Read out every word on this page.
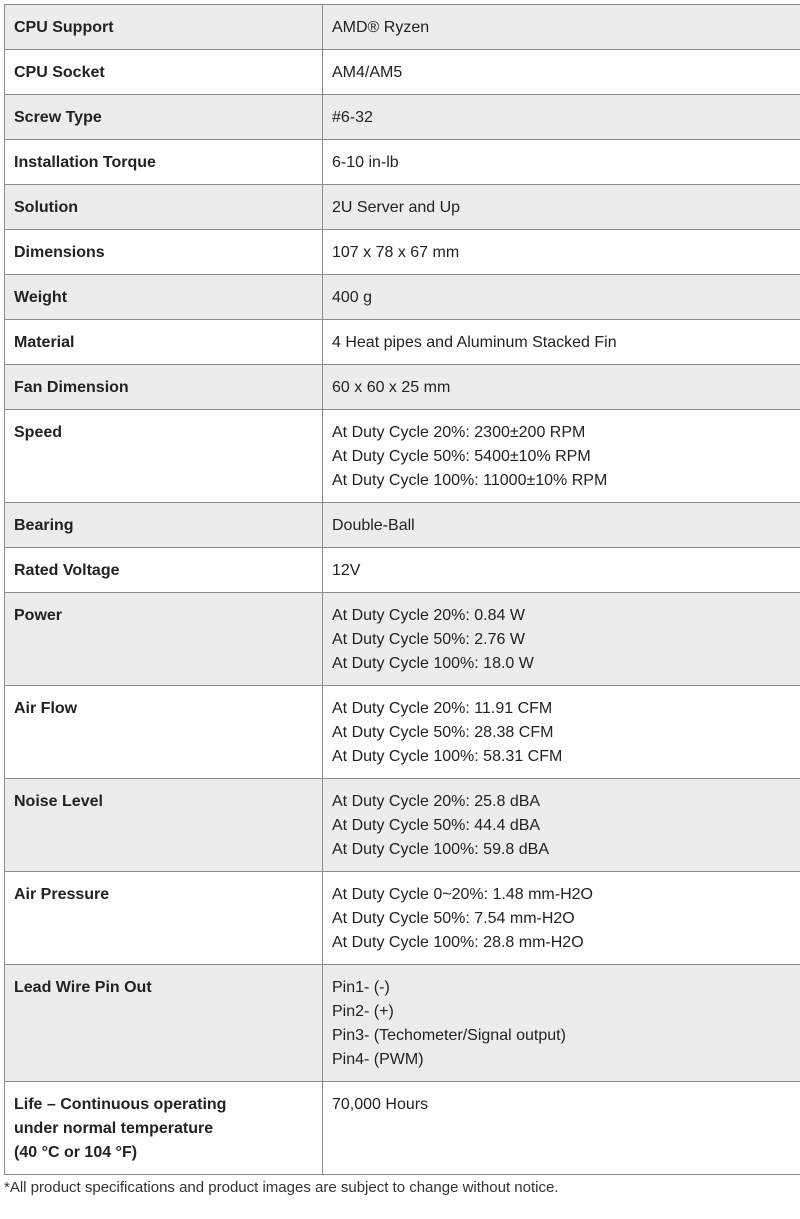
CPU Support	AMD® Ryzen

CPU Socket	AM4/AM5

Screw Type	#6-32

Installation Torque	6-10 in-lb

Solution	2U Server and Up

Dimensions	107 x 78 x 67 mm

Weight	400 g

Material	4 Heat pipes and Aluminum Stacked Fin

Fan Dimension	60 x 60 x 25 mm

Speed	At Duty Cycle 20%: 2300±200 RPM
At Duty Cycle 50%: 5400±10% RPM
At Duty Cycle 100%: 11000±10% RPM

Bearing	Double-Ball

Rated Voltage	12V

Power	At Duty Cycle 20%: 0.84 W
At Duty Cycle 50%: 2.76 W
At Duty Cycle 100%: 18.0 W

Air Flow	At Duty Cycle 20%: 11.91 CFM
At Duty Cycle 50%: 28.38 CFM
At Duty Cycle 100%: 58.31 CFM

Noise Level	At Duty Cycle 20%: 25.8 dBA
At Duty Cycle 50%: 44.4 dBA
At Duty Cycle 100%: 59.8 dBA

Air Pressure	At Duty Cycle 0~20%: 1.48 mm-H2O
At Duty Cycle 50%: 7.54 mm-H2O
At Duty Cycle 100%: 28.8 mm-H2O

Lead Wire Pin Out	Pin1- (-)
Pin2- (+)
Pin3- (Techometer/Signal output)
Pin4- (PWM)

Life – Continuous operating
under normal temperature
(40 °C or 104 °F)	70,000 Hours
*All product specifications and product images are subject to change without notice.
